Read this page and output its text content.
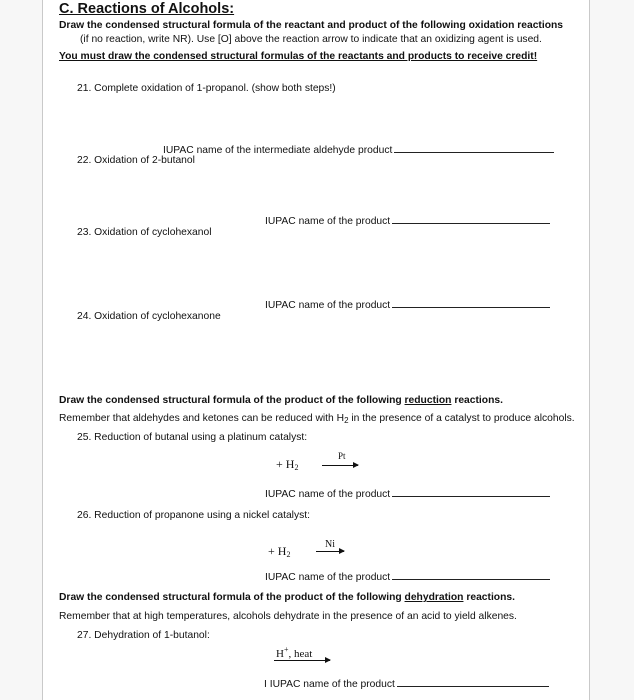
C. Reactions of Alcohols:
Draw the condensed structural formula of the reactant and product of the following oxidation reactions
(if no reaction, write NR). Use [O] above the reaction arrow to indicate that an oxidizing agent is used.
You must draw the condensed structural formulas of the reactants and products to receive credit!
21. Complete oxidation of 1-propanol. (show both steps!)
IUPAC name of the intermediate aldehyde product
22. Oxidation of 2-butanol
IUPAC name of the product
23. Oxidation of cyclohexanol
IUPAC name of the product
24. Oxidation of cyclohexanone
Draw the condensed structural formula of the product of the following reduction reactions.
Remember that aldehydes and ketones can be reduced with $H_2$ in the presence of a catalyst to produce alcohols.
25. Reduction of butanal using a platinum catalyst:
+ $H_2$
Pt
IUPAC name of the product
26. Reduction of propanone using a nickel catalyst:
+ $H_2$
Ni
IUPAC name of the product
Draw the condensed structural formula of the product of the following dehydration reactions.
Remember that at high temperatures, alcohols dehydrate in the presence of an acid to yield alkenes.
27. Dehydration of 1-butanol:
H+, heat
I IUPAC name of the product
